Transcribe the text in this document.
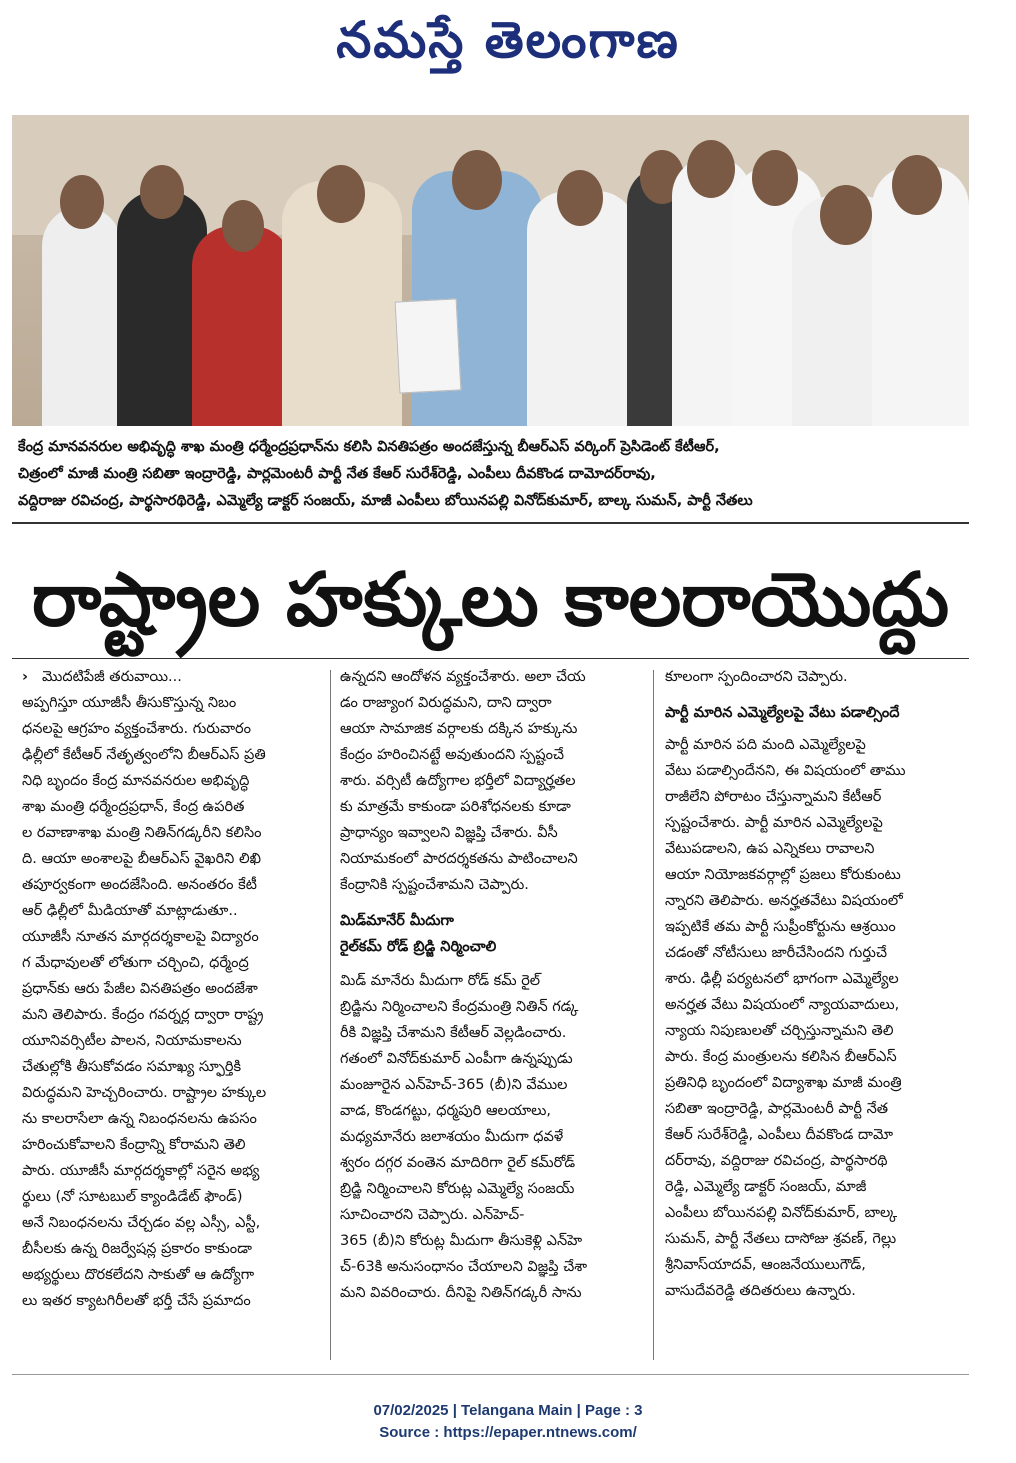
నమస్తే తెలంగాణ
కేంద్ర మానవనరుల అభివృద్ధి శాఖ మంత్రి ధర్మేంద్రప్రధాన్‌ను కలిసి వినతిపత్రం అందజేస్తున్న బీఆర్‌ఎస్ వర్కింగ్ ప్రెసిడెంట్ కేటీఆర్,
చిత్రంలో మాజీ మంత్రి సబితా ఇంద్రారెడ్డి, పార్లమెంటరీ పార్టీ నేత కేఆర్ సురేశ్‌రెడ్డి, ఎంపీలు దీవకొండ దామోదర్‌రావు,
వద్దిరాజు రవిచంద్ర, పార్థసారథిరెడ్డి, ఎమ్మెల్యే డాక్టర్ సంజయ్, మాజీ ఎంపీలు బోయినపల్లి వినోద్‌కుమార్, బాల్క సుమన్, పార్టీ నేతలు
రాష్ట్రాల హక్కులు కాలరాయొద్దు

› మొదటిపేజీ తరువాయి...

అప్పగిస్తూ యూజీసీ తీసుకొస్తున్న నిబం

ధనలపై ఆగ్రహం వ్యక్తంచేశారు. గురువారం

ఢిల్లీలో కేటీఆర్ నేతృత్వంలోని బీఆర్‌ఎస్ ప్రతి

నిధి బృందం కేంద్ర మానవనరుల అభివృద్ధి

శాఖ మంత్రి ధర్మేంద్రప్రధాన్, కేంద్ర ఉపరిత

ల రవాణాశాఖ మంత్రి నితిన్‌గడ్కరీని కలిసిం

ది. ఆయా అంశాలపై బీఆర్‌ఎస్ వైఖరిని లిఖి

తపూర్వకంగా అందజేసింది. అనంతరం కేటీ

ఆర్ ఢిల్లీలో మీడియాతో మాట్లాడుతూ..

యూజీసీ నూతన మార్గదర్శకాలపై విద్యారం

గ మేధావులతో లోతుగా చర్చించి, ధర్మేంద్ర

ప్రధాన్‌కు ఆరు పేజీల వినతిపత్రం అందజేశా

మని తెలిపారు. కేంద్రం గవర్నర్ల ద్వారా రాష్ట్ర

యూనివర్సిటీల పాలన, నియామకాలను

చేతుల్లోకి తీసుకోవడం సమాఖ్య స్ఫూర్తికి

విరుద్ధమని హెచ్చరించారు. రాష్ట్రాల హక్కుల

ను కాలరాసేలా ఉన్న నిబంధనలను ఉపసం

హరించుకోవాలని కేంద్రాన్ని కోరామని తెలి

పారు. యూజీసీ మార్గదర్శకాల్లో సరైన అభ్య

ర్థులు (నో సూటబుల్ క్యాండిడేట్ ఫౌండ్)

అనే నిబంధనలను చేర్చడం వల్ల ఎస్సీ, ఎస్టీ,

బీసీలకు ఉన్న రిజర్వేషన్ల ప్రకారం కాకుండా

అభ్యర్థులు దొరకలేదని సాకుతో ఆ ఉద్యోగా

లు ఇతర క్యాటగిరీలతో భర్తీ చేసే ప్రమాదం

ఉన్నదని ఆందోళన వ్యక్తంచేశారు. అలా చేయ

డం రాజ్యాంగ విరుద్ధమని, దాని ద్వారా

ఆయా సామాజిక వర్గాలకు దక్కిన హక్కును

కేంద్రం హరించినట్టే అవుతుందని స్పష్టంచే

శారు. వర్సిటీ ఉద్యోగాల భర్తీలో విద్యార్హతల

కు మాత్రమే కాకుండా పరిశోధనలకు కూడా

ప్రాధాన్యం ఇవ్వాలని విజ్ఞప్తి చేశారు. వీసీ

నియామకంలో పారదర్శకతను పాటించాలని

కేంద్రానికి స్పష్టంచేశామని చెప్పారు.

మిడ్‌మానేర్ మీదుగా

రైల్‌కమ్ రోడ్ బ్రిడ్జి నిర్మించాలి

మిడ్ మానేరు మీదుగా రోడ్ కమ్ రైల్

బ్రిడ్జిను నిర్మించాలని కేంద్రమంత్రి నితిన్ గడ్క

రీకి విజ్ఞప్తి చేశామని కేటీఆర్ వెల్లడించారు.

గతంలో వినోద్‌కుమార్ ఎంపీగా ఉన్నప్పుడు

మంజూరైన ఎన్‌హెచ్-365 (బీ)ని వేముల

వాడ, కొండగట్టు, ధర్మపురి ఆలయాలు,

మధ్యమానేరు జలాశయం మీదుగా ధవళే

శ్వరం దగ్గర వంతెన మాదిరిగా రైల్ కమ్‌రోడ్

బ్రిడ్జి నిర్మించాలని కోరుట్ల ఎమ్మెల్యే సంజయ్

సూచించారని చెప్పారు. ఎన్‌హెచ్-

365 (బీ)ని కోరుట్ల మీదుగా తీసుకెళ్లి ఎన్‌హె

చ్-63కి అనుసంధానం చేయాలని విజ్ఞప్తి చేశా

మని వివరించారు. దీనిపై నితిన్‌గడ్కరీ సాను

కూలంగా స్పందించారని చెప్పారు.

పార్టీ మారిన ఎమ్మెల్యేలపై వేటు పడాల్సిందే

పార్టీ మారిన పది మంది ఎమ్మెల్యేలపై

వేటు పడాల్సిందేనని, ఈ విషయంలో తాము

రాజీలేని పోరాటం చేస్తున్నామని కేటీఆర్

స్పష్టంచేశారు. పార్టీ మారిన ఎమ్మెల్యేలపై

వేటుపడాలని, ఉప ఎన్నికలు రావాలని

ఆయా నియోజకవర్గాల్లో ప్రజలు కోరుకుంటు

న్నారని తెలిపారు. అనర్హతవేటు విషయంలో

ఇప్పటికే తమ పార్టీ సుప్రీంకోర్టును ఆశ్రయిం

చడంతో నోటీసులు జారీచేసిందని గుర్తుచే

శారు. ఢిల్లీ పర్యటనలో భాగంగా ఎమ్మెల్యేల

అనర్హత వేటు విషయంలో న్యాయవాదులు,

న్యాయ నిపుణులతో చర్చిస్తున్నామని తెలి

పారు. కేంద్ర మంత్రులను కలిసిన బీఆర్‌ఎస్

ప్రతినిధి బృందంలో విద్యాశాఖ మాజీ మంత్రి

సబితా ఇంద్రారెడ్డి, పార్లమెంటరీ పార్టీ నేత

కేఆర్ సురేశ్‌రెడ్డి, ఎంపీలు దీవకొండ దామో

దర్‌రావు, వద్దిరాజు రవిచంద్ర, పార్థసారథి

రెడ్డి, ఎమ్మెల్యే డాక్టర్ సంజయ్, మాజీ

ఎంపీలు బోయినపల్లి వినోద్‌కుమార్, బాల్క

సుమన్, పార్టీ నేతలు దాసోజు శ్రవణ్, గెల్లు

శ్రీనివాస్‌యాదవ్, ఆంజనేయులుగౌడ్,

వాసుదేవరెడ్డి తదితరులు ఉన్నారు.

07/02/2025 | Telangana Main | Page : 3
Source : https://epaper.ntnews.com/
